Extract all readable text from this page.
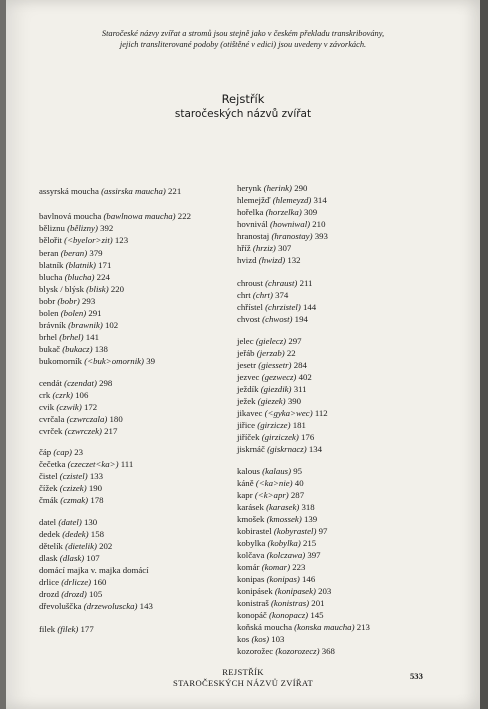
Staročeské názvy zvířat a stromů jsou stejně jako v českém překladu transkribovány,
jejich transliterované podoby (otištěné v edici) jsou uvedeny v závorkách.
Rejstřík
staročeských názvů zvířat
assyrská moucha (assirska maucha) 221
bavlnová moucha (bawlnowa maucha) 222
běliznu (bělizny) 392
bělořit (<byelor>zit) 123
beran (beran) 379
blatník (blatnik) 171
blucha (blucha) 224
blysk / blýsk (blisk) 220
bobr (bobr) 293
bolen (bolen) 291
brávník (brawnik) 102
brhel (brhel) 141
bukač (bukacz) 138
bukomorník (<buk>omornik) 39
cendát (czendat) 298
crk (czrk) 106
cvik (czwik) 172
cvrčala (czwrczala) 180
cvrček (czwrczek) 217
čáp (cap) 23
čečetka (czeczet<ka>) 111
čistel (czistel) 133
čížek (czizek) 190
čmák (czmak) 178
datel (datel) 130
dedek (dedek) 158
dětelík (dietelik) 202
dlask (dlask) 107
domácí majka v. majka domácí
drlice (drlicze) 160
drozd (drozd) 105
dřevoluščka (drzewoluscka) 143
filek (filek) 177
herynk (herink) 290
hlemejžď (hlemeyzd) 314
hořelka (horzelka) 309
hovnivál (howniwal) 210
hranostaj (hranostay) 393
hříž (hrziz) 307
hvizd (hwizd) 132
chroust (chraust) 211
chrt (chrt) 374
chřístel (chrzistel) 144
chvost (chwost) 194
jelec (gielecz) 297
jeřáb (jerzab) 22
jesetr (giessetr) 284
jezvec (gezwecz) 402
ježdík (giezdik) 311
ježek (giezek) 390
jikavec (<gyka>wec) 112
jiřice (girzicze) 181
jiříček (girziczek) 176
jiskrnáč (giskrnacz) 134
kalous (kalaus) 95
káně (<ka>nie) 40
kapr (<k>apr) 287
karásek (karasek) 318
kmošek (kmossek) 139
kobirastel (kobyrastel) 97
kobylka (kobylka) 215
kolčava (kolczawa) 397
komár (komar) 223
konipas (konipas) 146
konipásek (konipasek) 203
konistraš (konistras) 201
konopáč (konopacz) 145
koňská moucha (konska maucha) 213
kos (kos) 103
kozorožec (kozorozecz) 368
REJSTŘÍK
STAROČESKÝCH NÁZVŮ ZVÍŘAT
533
